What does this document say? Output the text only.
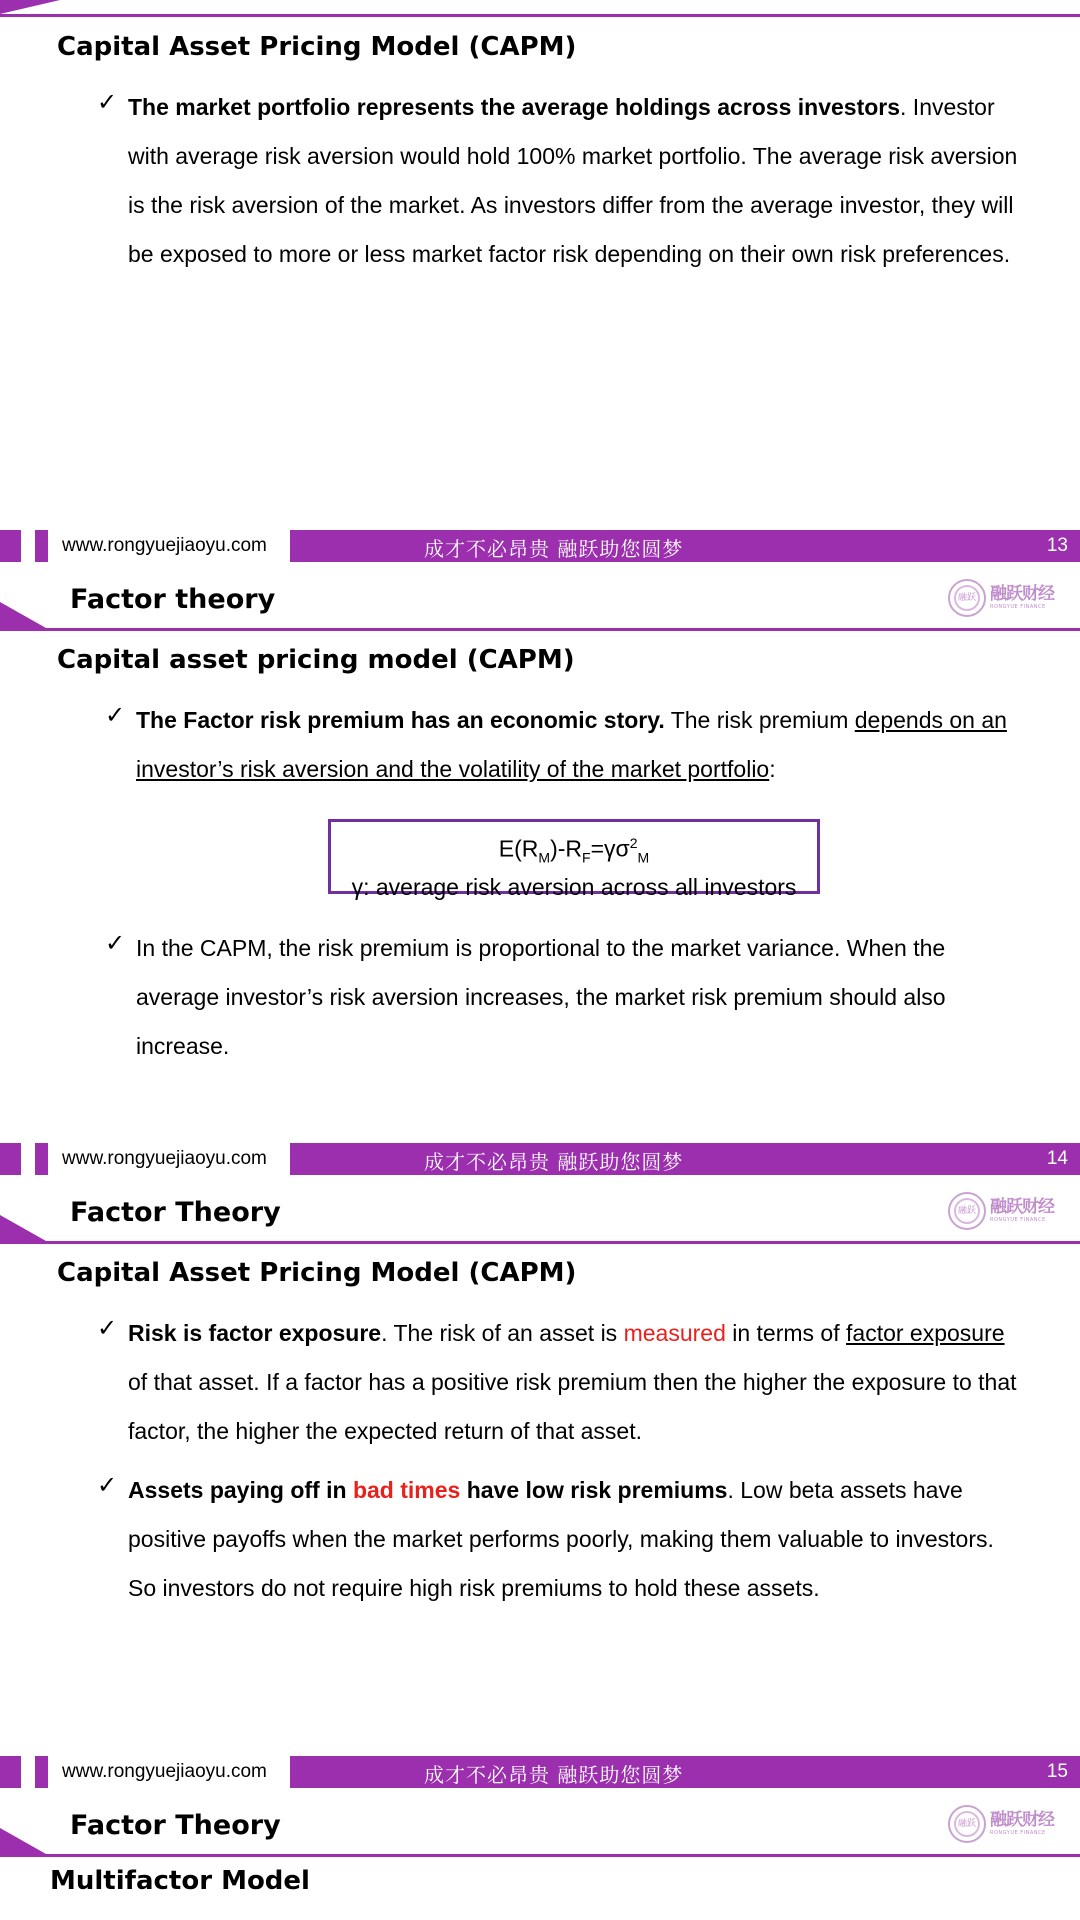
Capital Asset Pricing Model (CAPM)
✓ The market portfolio represents the average holdings across investors. Investor with average risk aversion would hold 100% market portfolio. The average risk aversion is the risk aversion of the market. As investors differ from the average investor, they will be exposed to more or less market factor risk depending on their own risk preferences.
www.rongyuejiaoyu.com	成才不必昂贵 融跃助您圆梦	13
Factor theory	融跃 融跃财经
RONGYUE FINANCE
Capital asset pricing model (CAPM)
✓ The Factor risk premium has an economic story. The risk premium depends on an investor’s risk aversion and the volatility of the market portfolio:
$E(R_M)-R_F=\gamma\sigma^2_M$
γ: average risk aversion across all investors
✓ In the CAPM, the risk premium is proportional to the market variance. When the average investor’s risk aversion increases, the market risk premium should also increase.
www.rongyuejiaoyu.com	成才不必昂贵 融跃助您圆梦	14
Factor Theory	融跃 融跃财经
RONGYUE FINANCE
Capital Asset Pricing Model (CAPM)
✓ Risk is factor exposure. The risk of an asset is measured in terms of factor exposure of that asset. If a factor has a positive risk premium then the higher the exposure to that factor, the higher the expected return of that asset.
✓ Assets paying off in bad times have low risk premiums. Low beta assets have positive payoffs when the market performs poorly, making them valuable to investors. So investors do not require high risk premiums to hold these assets.
www.rongyuejiaoyu.com	成才不必昂贵 融跃助您圆梦	15
Factor Theory	融跃 融跃财经
RONGYUE FINANCE
Multifactor Model
